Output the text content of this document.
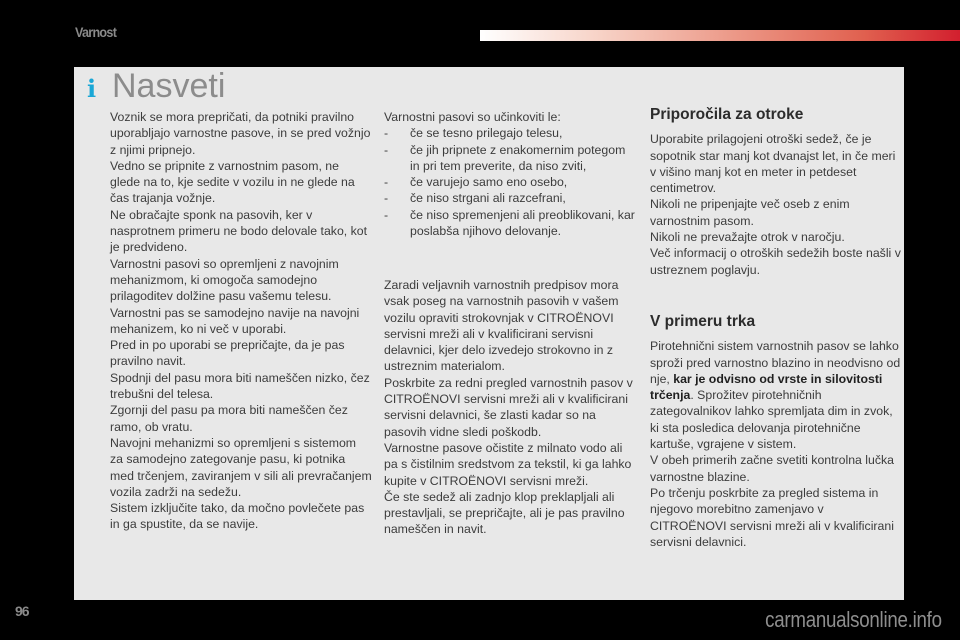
Varnost
i Nasveti

Voznik se mora prepričati, da potniki pravilno uporabljajo varnostne pasove, in se pred vožnjo z njimi pripnejo.

Vedno se pripnite z varnostnim pasom, ne glede na to, kje sedite v vozilu in ne glede na čas trajanja vožnje.

Ne obračajte sponk na pasovih, ker v nasprotnem primeru ne bodo delovale tako, kot je predvideno.

Varnostni pasovi so opremljeni z navojnim mehanizmom, ki omogoča samodejno prilagoditev dolžine pasu vašemu telesu.

Varnostni pas se samodejno navije na navojni mehanizem, ko ni več v uporabi.

Pred in po uporabi se prepričajte, da je pas pravilno navit.

Spodnji del pasu mora biti nameščen nizko, čez trebušni del telesa.

Zgornji del pasu pa mora biti nameščen čez ramo, ob vratu.

Navojni mehanizmi so opremljeni s sistemom za samodejno zategovanje pasu, ki potnika med trčenjem, zaviranjem v sili ali prevračanjem vozila zadrži na sedežu.

Sistem izključite tako, da močno povlečete pas in ga spustite, da se navije.

Varnostni pasovi so učinkoviti le:

- če se tesno prilegajo telesu,
- če jih pripnete z enakomernim potegom in pri tem preverite, da niso zviti,
- če varujejo samo eno osebo,
- če niso strgani ali razcefrani,
- če niso spremenjeni ali preoblikovani, kar poslabša njihovo delovanje.

Zaradi veljavnih varnostnih predpisov mora vsak poseg na varnostnih pasovih v vašem vozilu opraviti strokovnjak v CITROËNOVI servisni mreži ali v kvalificirani servisni delavnici, kjer delo izvedejo strokovno in z ustreznim materialom.

Poskrbite za redni pregled varnostnih pasov v CITROËNOVI servisni mreži ali v kvalificirani servisni delavnici, še zlasti kadar so na pasovih vidne sledi poškodb.

Varnostne pasove očistite z milnato vodo ali pa s čistilnim sredstvom za tekstil, ki ga lahko kupite v CITROËNOVI servisni mreži.

Če ste sedež ali zadnjo klop preklapljali ali prestavljali, se prepričajte, ali je pas pravilno nameščen in navit.

Priporočila za otroke

Uporabite prilagojeni otroški sedež, če je sopotnik star manj kot dvanajst let, in če meri v višino manj kot en meter in petdeset centimetrov.

Nikoli ne pripenjajte več oseb z enim varnostnim pasom.

Nikoli ne prevažajte otrok v naročju.

Več informacij o otroških sedežih boste našli v ustreznem poglavju.

V primeru trka

Pirotehnični sistem varnostnih pasov se lahko sproži pred varnostno blazino in neodvisno od nje, kar je odvisno od vrste in silovitosti trčenja. Sprožitev pirotehničnih zategovalnikov lahko spremljata dim in zvok, ki sta posledica delovanja pirotehnične kartuše, vgrajene v sistem.

V obeh primerih začne svetiti kontrolna lučka varnostne blazine.

Po trčenju poskrbite za pregled sistema in njegovo morebitno zamenjavo v CITROËNOVI servisni mreži ali v kvalificirani servisni delavnici.

96	carmanualsonline.info
